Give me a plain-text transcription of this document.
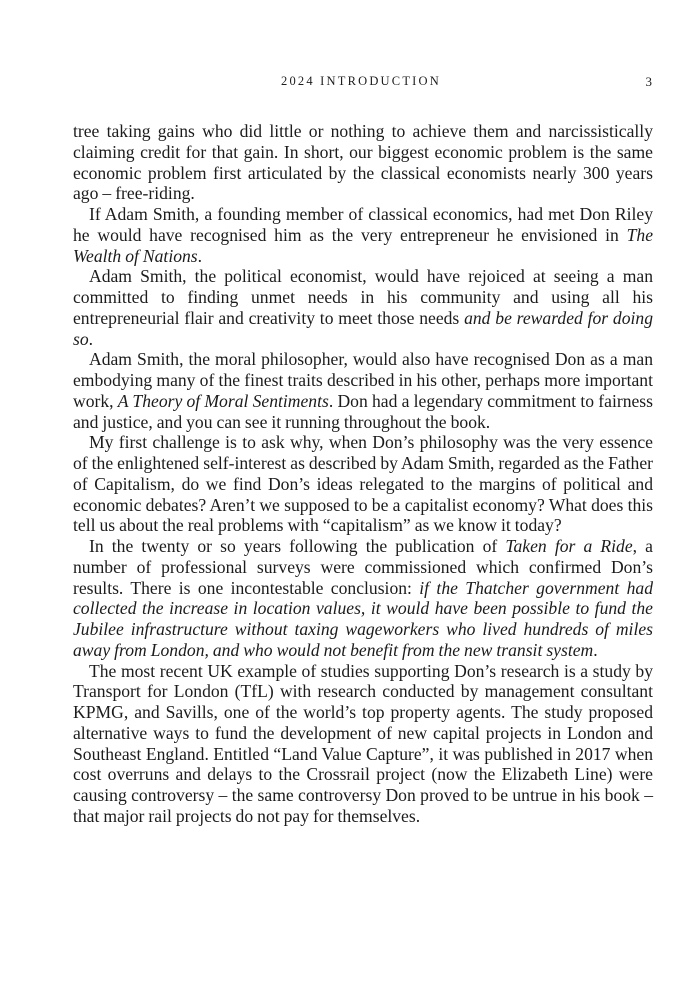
2024 INTRODUCTION	3

tree taking gains who did little or nothing to achieve them and narcissistically claiming credit for that gain. In short, our biggest economic problem is the same economic problem first articulated by the classical economists nearly 300 years ago – free-riding.

If Adam Smith, a founding member of classical economics, had met Don Riley he would have recognised him as the very entrepreneur he envisioned in The Wealth of Nations.

Adam Smith, the political economist, would have rejoiced at seeing a man committed to finding unmet needs in his community and using all his entrepreneurial flair and creativity to meet those needs and be rewarded for doing so.

Adam Smith, the moral philosopher, would also have recognised Don as a man embodying many of the finest traits described in his other, perhaps more important work, A Theory of Moral Sentiments. Don had a legendary commitment to fairness and justice, and you can see it running throughout the book.

My first challenge is to ask why, when Don’s philosophy was the very essence of the enlightened self-interest as described by Adam Smith, regarded as the Father of Capitalism, do we find Don’s ideas relegated to the margins of political and economic debates? Aren’t we supposed to be a capitalist economy? What does this tell us about the real problems with “capitalism” as we know it today?

In the twenty or so years following the publication of Taken for a Ride, a number of professional surveys were commissioned which confirmed Don’s results. There is one incontestable conclusion: if the Thatcher government had collected the increase in location values, it would have been possible to fund the Jubilee infrastructure without taxing wageworkers who lived hundreds of miles away from London, and who would not benefit from the new transit system.

The most recent UK example of studies supporting Don’s research is a study by Transport for London (TfL) with research conducted by management consultant KPMG, and Savills, one of the world’s top property agents. The study proposed alternative ways to fund the development of new capital projects in London and Southeast England. Entitled “Land Value Capture”, it was published in 2017 when cost overruns and delays to the Crossrail project (now the Elizabeth Line) were causing controversy – the same controversy Don proved to be untrue in his book – that major rail projects do not pay for themselves.
